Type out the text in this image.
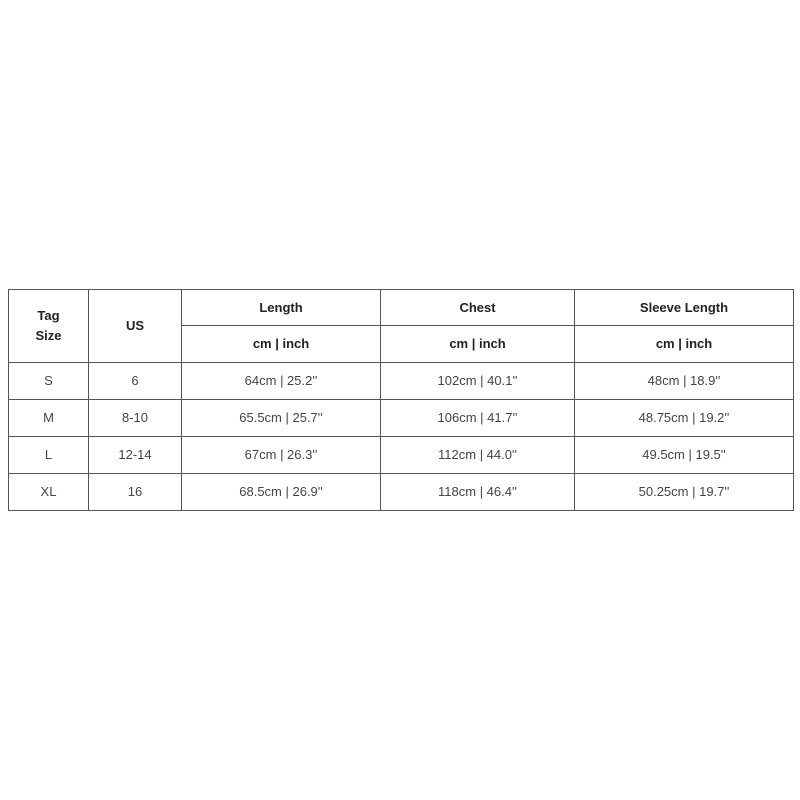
Tag
Size	US	Length	Chest	Sleeve Length
		cm | inch	cm | inch	cm | inch
S	6	64cm | 25.2''	102cm | 40.1''	48cm | 18.9''
M	8-10	65.5cm | 25.7''	106cm | 41.7''	48.75cm | 19.2''
L	12-14	67cm | 26.3''	112cm | 44.0''	49.5cm | 19.5''
XL	16	68.5cm | 26.9''	118cm | 46.4''	50.25cm | 19.7''
